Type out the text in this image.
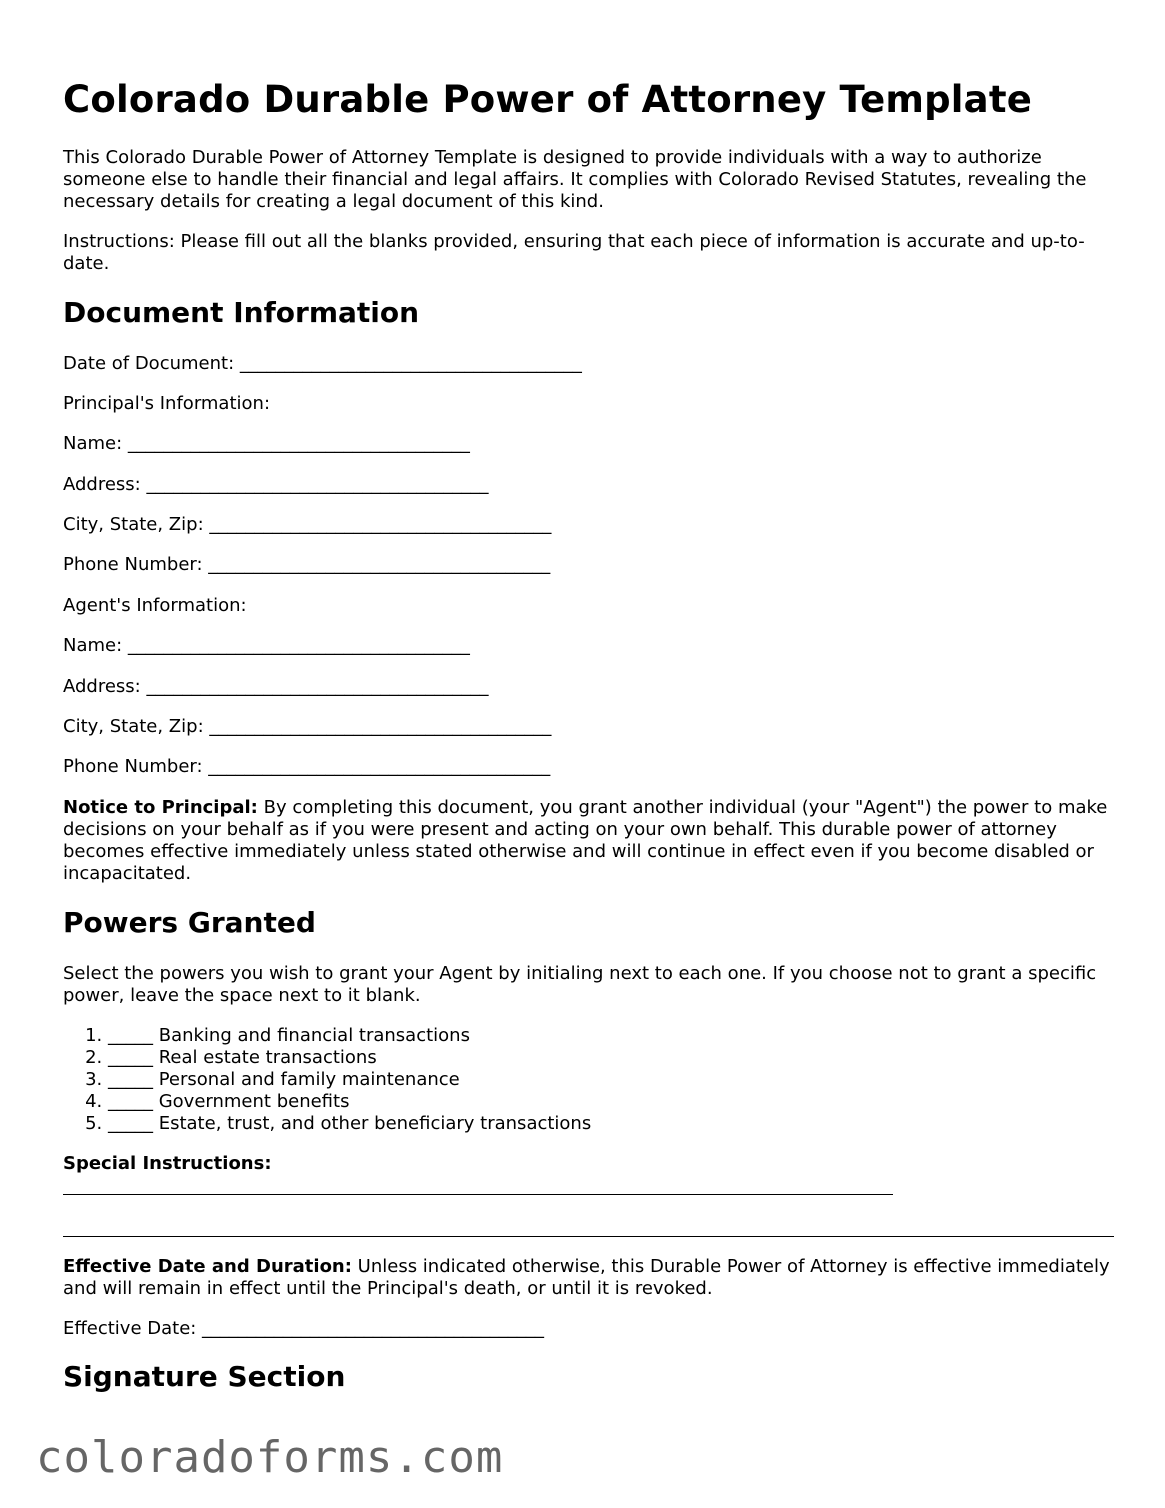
Colorado Durable Power of Attorney Template

This Colorado Durable Power of Attorney Template is designed to provide individuals with a way to authorize someone else to handle their financial and legal affairs. It complies with Colorado Revised Statutes, revealing the necessary details for creating a legal document of this kind.

Instructions: Please fill out all the blanks provided, ensuring that each piece of information is accurate and up-to-date.

Document Information

Date of Document: ______________________________________

Principal's Information:

Name: ______________________________________

Address: ______________________________________

City, State, Zip: ______________________________________

Phone Number: ______________________________________

Agent's Information:

Name: ______________________________________

Address: ______________________________________

City, State, Zip: ______________________________________

Phone Number: ______________________________________

Notice to Principal: By completing this document, you grant another individual (your "Agent") the power to make decisions on your behalf as if you were present and acting on your own behalf. This durable power of attorney becomes effective immediately unless stated otherwise and will continue in effect even if you become disabled or incapacitated.

Powers Granted

Select the powers you wish to grant your Agent by initialing next to each one. If you choose not to grant a specific power, leave the space next to it blank.

1. _____ Banking and financial transactions
2. _____ Real estate transactions
3. _____ Personal and family maintenance
4. _____ Government benefits
5. _____ Estate, trust, and other beneficiary transactions

Special Instructions:

Effective Date and Duration: Unless indicated otherwise, this Durable Power of Attorney is effective immediately and will remain in effect until the Principal's death, or until it is revoked.

Effective Date: ______________________________________

Signature Section
coloradoforms.com
